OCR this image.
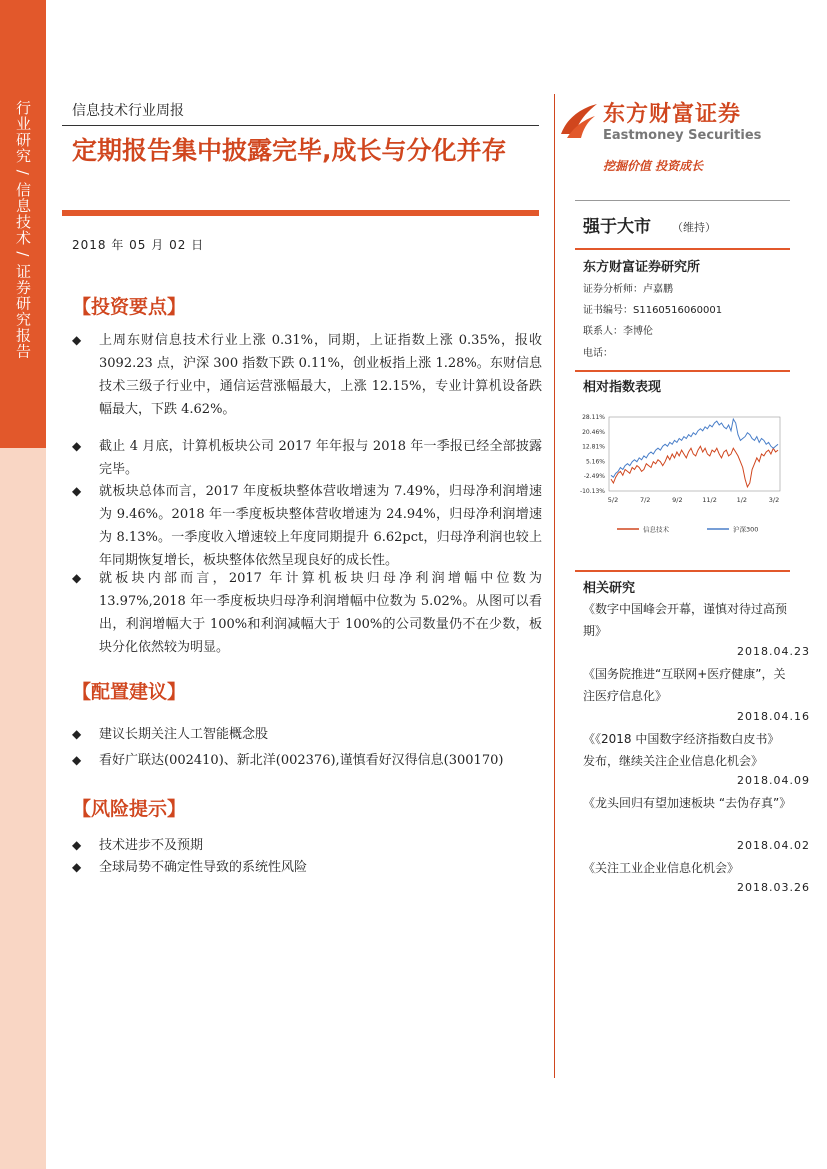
行业研究 / 信息技术 / 证券研究报告	信息技术行业周报
定期报告集中披露完毕,成长与分化并存
2018 年 05 月 02 日
【投资要点】
◆ 上周东财信息技术行业上涨 0.31%，同期，上证指数上涨 0.35%，报收 3092.23 点，沪深 300 指数下跌 0.11%，创业板指上涨 1.28%。东财信息技术三级子行业中，通信运营涨幅最大，上涨 12.15%，专业计算机设备跌幅最大，下跌 4.62%。
◆ 截止 4 月底，计算机板块公司 2017 年年报与 2018 年一季报已经全部披露完毕。
◆ 就板块总体而言，2017 年度板块整体营收增速为 7.49%，归母净利润增速为 9.46%。2018 年一季度板块整体营收增速为 24.94%，归母净利润增速为 8.13%。一季度收入增速较上年度同期提升 6.62pct，归母净利润也较上年同期恢复增长，板块整体依然呈现良好的成长性。
◆ 就板块内部而言，2017 年计算机板块归母净利润增幅中位数为 13.97%,2018 年一季度板块归母净利润增幅中位数为 5.02%。从图可以看出，利润增幅大于 100%和利润减幅大于 100%的公司数量仍不在少数，板块分化依然较为明显。
【配置建议】
◆ 建议长期关注人工智能概念股
◆ 看好广联达(002410)、新北洋(002376),谨慎看好汉得信息(300170)
【风险提示】
◆ 技术进步不及预期
◆ 全球局势不确定性导致的系统性风险
东方财富证券
Eastmoney Securities
挖掘价值 投资成长
强于大市 （维持）
东方财富证券研究所
证券分析师：卢嘉鹏
证书编号：S1160516060001
联系人：李博伦
电话：
相对指数表现
28.11%
20.46%
12.81%
5.16%
-2.49%
-10.13%
5/2	7/2	9/2	11/2	1/2	3/2
信息技术	沪深300
相关研究
《数字中国峰会开幕，谨慎对待过高预期》
2018.04.23
《国务院推进“互联网+医疗健康”，关注医疗信息化》
2018.04.16
《《2018 中国数字经济指数白皮书》发布，继续关注企业信息化机会》
2018.04.09
《龙头回归有望加速板块 “去伪存真”》
2018.04.02
《关注工业企业信息化机会》
2018.03.26
